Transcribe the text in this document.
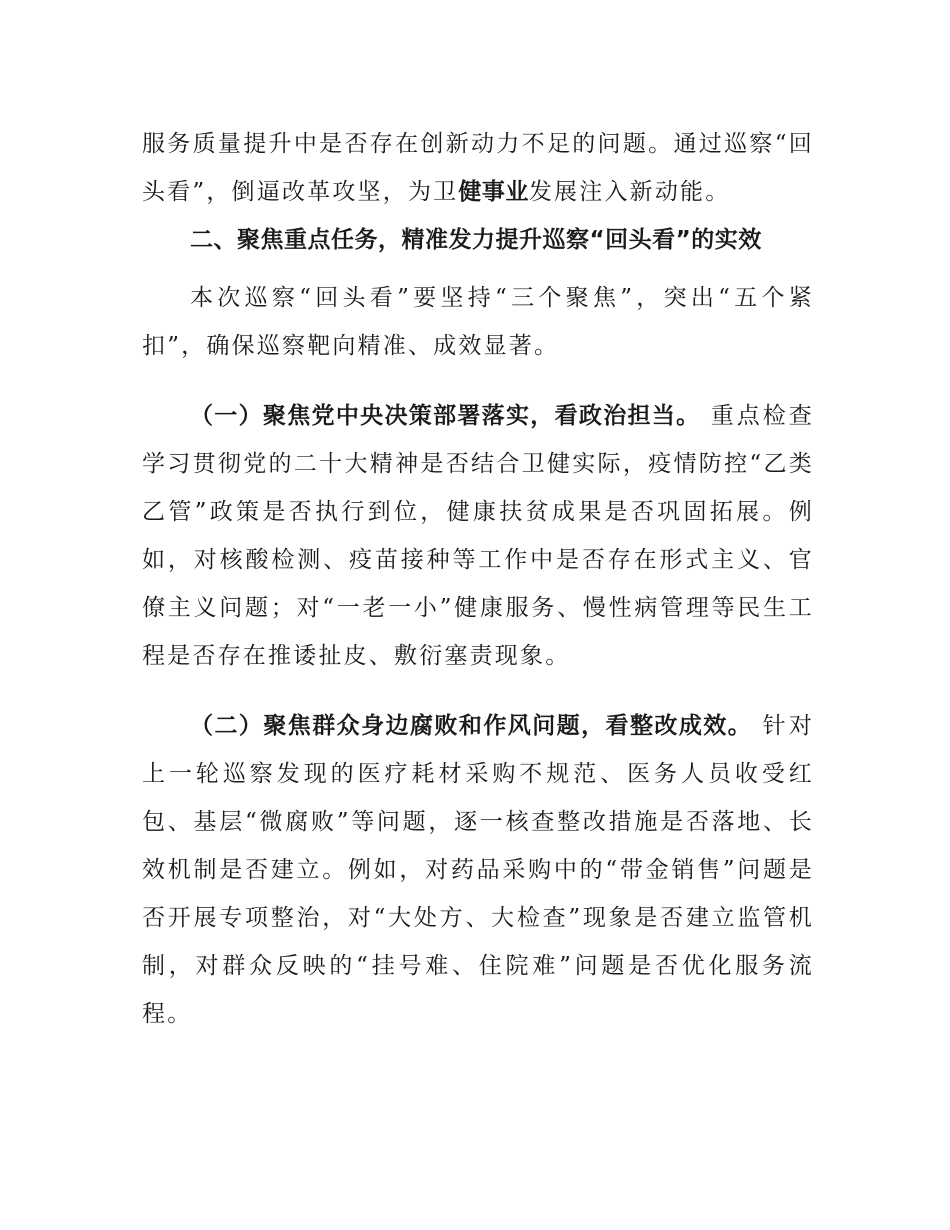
服务质量提升中是否存在创新动力不足的问题。通过巡察“回头看”，倒逼改革攻坚，为卫健事业发展注入新动能。

二、聚焦重点任务，精准发力提升巡察“回头看”的实效

本次巡察“回头看”要坚持“三个聚焦”，突出“五个紧扣”，确保巡察靶向精准、成效显著。

（一）聚焦党中央决策部署落实，看政治担当。 重点检查学习贯彻党的二十大精神是否结合卫健实际，疫情防控“乙类乙管”政策是否执行到位，健康扶贫成果是否巩固拓展。例如，对核酸检测、疫苗接种等工作中是否存在形式主义、官僚主义问题；对“一老一小”健康服务、慢性病管理等民生工程是否存在推诿扯皮、敷衍塞责现象。

（二）聚焦群众身边腐败和作风问题，看整改成效。 针对上一轮巡察发现的医疗耗材采购不规范、医务人员收受红包、基层“微腐败”等问题，逐一核查整改措施是否落地、长效机制是否建立。例如，对药品采购中的“带金销售”问题是否开展专项整治，对“大处方、大检查”现象是否建立监管机制，对群众反映的“挂号难、住院难”问题是否优化服务流程。
